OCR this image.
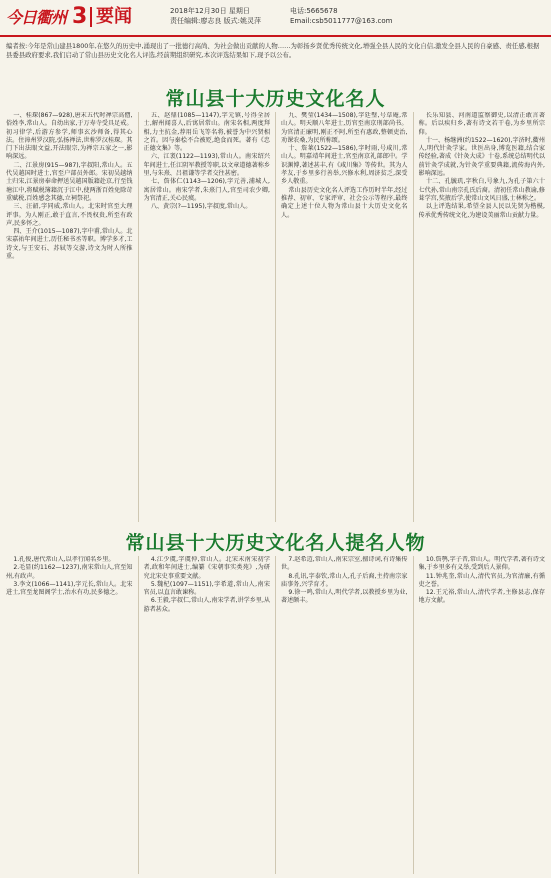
今日衢州 3 要闻	2018年12月30日 星期日
责任编辑:廖志良 版式:姚灵萍
电话:5665678
Email:csb5011777@163.com
编者按:今年是常山建县1800年,在悠久的历史中,涌现出了一批德行高尚、为社会做出贡献的人物……为彰扬乡贤优秀传统文化,增强全县人民的文化自信,激发全县人民的自豪感、责任感,根据县委县政府要求,我们启动了常山县历史文化名人评选,经前期组织研究,本次评选结果如下,现予以公布。
常山县十大历史文化名人

一、桂琛(867—928),唐末五代时禅宗高僧,俗姓李,常山人。自幼出家,于万寿寺受具足戒。初习律学,后游方参学,师事玄沙师备,得其心法。住漳州罗汉院,弘扬禅法,世称罗汉桂琛。其门下出法眼文益,开法眼宗,为禅宗五家之一,影响深远。

二、江景房(915—987),字叔阳,常山人。五代吴越国时进士,官至户部员外郎。宋初吴越纳土归宋,江景房奉命押送吴越国版籍赴京,行至钱塘江中,将赋税簿籍沉于江中,使两浙百姓免除苛重赋税,百姓感念其德,立祠祭祀。

三、汪韶,字同威,常山人。北宋时官至大理评事。为人刚正,敢于直言,不畏权贵,所至有政声,民多怀之。

四、王介(1015—1087),字中甫,常山人。北宋嘉祐年间进士,历任秘书丞等职。博学多才,工诗文,与王安石、苏轼等交游,诗文为时人所推重。

五、赵鼎(1085—1147),字元镇,号得全居士,解州闻喜人,后寓居常山。南宋名相,两度拜相,力主抗金,荐用岳飞等名将,被誉为中兴贤相之首。因与秦桧不合被贬,绝食而死。著有《忠正德文集》等。

六、江袤(1122—1193),常山人。南宋绍兴年间进士,任江阴军教授等职,以文章道德著称乡里,与朱熹、吕祖谦等学者交往甚密。

七、詹体仁(1143—1206),字元善,浦城人,寓居常山。南宋学者,朱熹门人,官至司农少卿,为官清正,关心民瘼。

八、黄宗(?—1195),字叔度,常山人。

九、樊莹(1434—1508),字廷璧,号草庵,常山人。明天顺八年进士,历官至南京刑部尚书。为官清正廉明,刚正不阿,所至有惠政,整顿吏治,劝课农桑,为民所称颂。

十、詹莱(1522—1586),字时雨,号咸川,常山人。明嘉靖年间进士,官至南京礼部郎中。学识渊博,著述甚丰,有《咸川集》等传世。其为人孝友,于乡里多行善举,兴修水利,周济贫乏,深受乡人敬重。

常山县历史文化名人评选工作历时半年,经过推荐、初审、专家评审、社会公示等程序,最终确定上述十位人物为常山县十大历史文化名人。

长乐知县、河南道监察御史,以清正敢言著称。后以疾归乡,著有诗文若干卷,为乡里所宗仰。

十一、杨继洲(约1522—1620),字济时,衢州人,明代针灸学家。世医出身,博览医籍,结合家传经验,著成《针灸大成》十卷,系统总结明代以前针灸学成就,为针灸学重要典籍,流传海内外,影响深远。

十二、孔毓玑,字秋白,号象九,为孔子第六十七代孙,常山南宗孔氏后裔。清初任常山教谕,修葺学宫,奖掖后学,使常山文风日盛,士林称之。

以上评选结果,希望全县人民以先贤为楷模,传承优秀传统文化,为建设美丽常山贡献力量。

常山县十大历史文化名人提名人物

1.孔俊,唐代常山人,以孝行闻名乡里。

2.毛显(约1162—1237),南宋常山人,官至知州,有政声。

3.李文(1066—1141),字元长,常山人。北宋进士,官至龙图阁学士,治水有功,民多德之。

4.江少虞,字虞仲,常山人。北宋末南宋初学者,政和年间进士,编纂《宋朝事实类苑》,为研究北宋史事重要文献。

5.魏杞(1097—1151),字希道,常山人,南宋官员,以直言敢谏称。

6.王毅,字叔仁,常山人,南宋学者,讲学乡里,从游者甚众。

7.赵希迈,常山人,南宋宗室,擅诗词,有诗集传世。

8.孔讯,字泰钦,常山人,孔子后裔,主持南宗家庙事务,兴学育才。

9.徐一鸣,常山人,明代学者,以教授乡里为业,著述颇丰。

10.詹鹗,字子晋,常山人。明代学者,著有诗文集,于乡里多有义举,受到后人景仰。

11.钟兆奎,常山人,清代官员,为官清廉,有循吏之誉。

12.王元裕,常山人,清代学者,主修县志,保存地方文献。
